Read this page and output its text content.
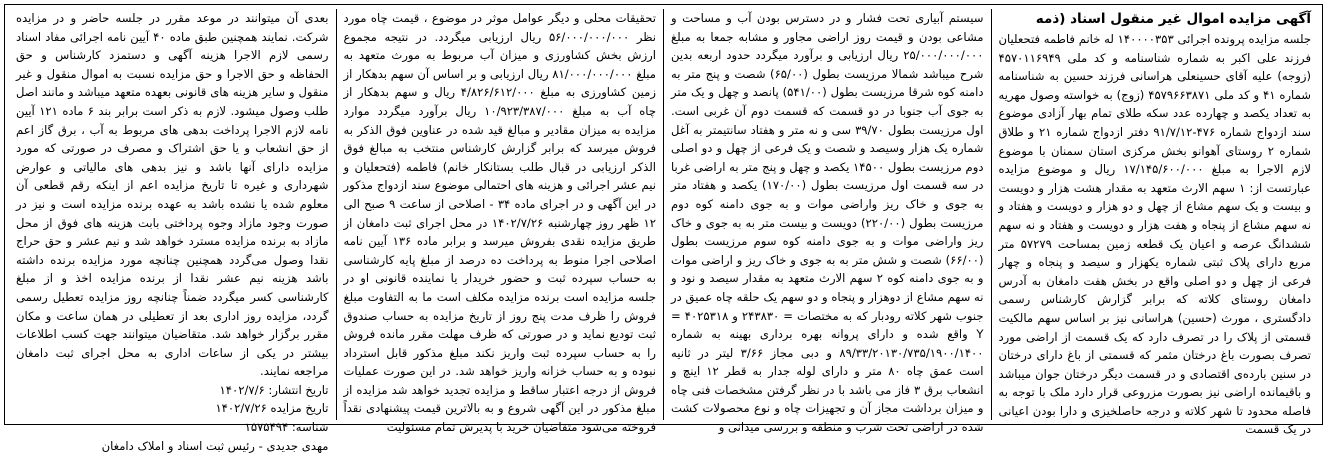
آگهی مزایده اموال غیر منقول اسناد (ذمه

جلسه مزایده پرونده اجرائی ۱۴۰۰۰۰۳۵۳ له خانم فاطمه فتحعلیان فرزند علی اکبر به شماره شناسنامه و کد ملی ۴۵۷۰۱۱۶۹۴۹ (زوجه) علیه آقای حسینعلی هراسانی فرزند حسین به شناسنامه شماره ۴۱ و کد ملی ۴۵۷۹۶۶۳۸۷۱ (زوج) به خواسته وصول مهریه به تعداد یکصد و چهارده عدد سکه طلای تمام بهار آزادی موضوع سند ازدواج شماره ۴۷۶-۹۱/۷/۱۲ دفتر ازدواج شماره ۲۱ و طلاق شماره ۲ روستای آهوانو بخش مرکزی استان سمنان با موضوع لازم الاجرا به مبلغ ۱۷/۱۴۵/۶۰۰/۰۰۰ ریال و موضوع مزایده عبارتست از: ۱ سهم الارث متعهد به مقدار هشت هزار و دویست و بیست و یک سهم مشاع از چهل و دو هزار و دویست و هفتاد و نه سهم مشاع از پنجاه و هفت هزار و دویست و هفتاد و نه سهم ششدانگ عرصه و اعیان یک قطعه زمین بمساحت ۵۷۲۷۹ متر مربع دارای پلاک ثبتی شماره یکهزار و سیصد و پنجاه و چهار فرعی از چهل و دو اصلی واقع در بخش هفت دامغان به آدرس دامغان روستای کلاته که برابر گزارش کارشناس رسمی دادگستری ، مورث (حسین) هراسانی نیز بر اساس سهم مالکیت قسمتی از پلاک را در تصرف دارد که یک قسمت از اراضی مورد تصرف بصورت باغ درختان مثمر که قسمتی از باغ دارای درختان در سنین بارده‌ی اقتصادی و در قسمت دیگر درختان جوان میباشد و باقیمانده اراضی نیز بصورت مزروعی قرار دارد ملک با توجه به فاصله محدود تا شهر کلاته و درجه حاصلخیزی و دارا بودن اعیانی در یک قسمت

سیستم آبیاری تحت فشار و در دسترس بودن آب و مساحت و مشاعی بودن و قیمت روز اراضی مجاور و مشابه جمعا به مبلغ ۲۵/۰۰۰/۰۰۰/۰۰۰ ریال ارزیابی و برآورد میگردد حدود اربعه بدین شرح میباشد شمالا مرزیست بطول (۶۵/۰۰) شصت و پنج متر به دامنه کوه شرقا مرزیست بطول (۵۴۱/۰۰) پانصد و چهل و یک متر به جوی آب جنوبا در دو قسمت که قسمت دوم آن غربی است. اول مرزیست بطول ۳۹/۷۰ سی و نه متر و هفتاد سانتیمتر به آغل شماره یک هزار وسیصد و شصت و یک فرعی از چهل و دو اصلی دوم مرزیست بطول ۱۴۵۰۰ یکصد و چهل و پنج متر به اراضی غربا در سه قسمت اول مرزیست بطول (۱۷۰/۰۰) یکصد و هفتاد متر به جوی و خاک ریز واراضی موات و به جوی دامنه کوه دوم مرزیست بطول (۲۲۰/۰۰) دویست و بیست متر به به جوی و خاک ریز واراضی موات و به جوی دامنه کوه سوم مرزیست بطول (۶۶/۰۰) شصت و شش متر به به جوی و خاک ریز و اراضی موات و به جوی دامنه کوه ۲ سهم الارث متعهد به مقدار سیصد و نود و نه سهم مشاع از دوهزار و پنجاه و دو سهم یک حلقه چاه عمیق در جنوب شهر کلاته رودبار که به مختصات = ۲۴۳۸۳۰ و ۴۰۲۵۳۱۸ = Y واقع شده و دارای پروانه بهره برداری بهینه به شماره ۸۹/۳۳/۲۰۱۳۰/۷۳۵/۱۹۰۰/۱۴۰۰ و دبی مجاز ۳/۶۶ لیتر در ثانیه است عمق چاه ۸۰ متر و دارای لوله جدار به قطر ۱۲ اینچ و انشعاب برق ۳ فاز می باشد با در نظر گرفتن مشخصات فنی چاه و میزان برداشت مجاز آن و تجهیزات چاه و نوع محصولات کشت شده در اراضی تحت شرب و منطقه و بررسی میدانی و

تحقیقات محلی و دیگر عوامل موثر در موضوع ، قیمت چاه مورد نظر ۵۶/۰۰۰/۰۰۰/۰۰۰ ریال ارزیابی میگردد. در نتیجه مجموع ارزش بخش کشاورزی و میزان آب مربوط به مورث متعهد به مبلغ ۸۱/۰۰۰/۰۰۰/۰۰۰ ریال ارزیابی و بر اساس آن سهم بدهکار از زمین کشاورزی به مبلغ ۴/۸۲۶/۶۱۲/۰۰۰ ریال و سهم بدهکار از چاه آب به مبلغ ۱۰/۹۲۳/۳۸۷/۰۰۰ ریال برآورد میگردد موارد مزایده به میزان مقادیر و مبالغ قید شده در عناوین فوق الذکر به فروش میرسد که برابر گزارش کارشناس منتخب به مبالغ فوق الذکر ارزیابی در قبال طلب بستانکار خانم) فاطمه (فتحعلیان و نیم عشر اجرائی و هزینه های احتمالی موضوع سند ازدواج مذکور در این آگهی و در اجرای ماده ۳۴ - اصلاحی از ساعت ۹ صبح الی ۱۲ ظهر روز چهارشنبه ۱۴۰۲/۷/۲۶ در محل اجرای ثبت دامغان از طریق مزایده نقدی بفروش میرسد و برابر ماده ۱۳۶ آیین نامه اصلاحی اجرا منوط به پرداخت ده درصد از مبلغ پایه کارشناسی به حساب سپرده ثبت و حضور خریدار یا نماینده قانونی او در جلسه مزایده است برنده مزایده مکلف است ما به التفاوت مبلغ فروش را ظرف مدت پنج روز از تاریخ مزایده به حساب صندوق ثبت تودیع نماید و در صورتی که ظرف مهلت مقرر مانده فروش را به حساب سپرده ثبت واریز نکند مبلغ مذکور قابل استرداد نبوده و به حساب خزانه واریز خواهد شد. در این صورت عملیات فروش از درجه اعتبار ساقط و مزایده تجدید خواهد شد مزایده از مبلغ مذکور در این آگهی شروع و به بالاترین قیمت پیشنهادی نقداً فروخته می‌شود متقاضیان خرید با پذیرش تمام مسئولیت

بعدی آن میتوانند در موعد مقرر در جلسه حاضر و در مزایده شرکت. نمایند همچنین طبق ماده ۴۰ آیین نامه اجرائی مفاد اسناد رسمی لازم الاجرا هزینه آگهی و دستمزد کارشناس و حق الحفاظه و حق الاجرا و حق مزایده نسبت به اموال منقول و غیر منقول و سایر هزینه های قانونی بعهده متعهد میباشد و مانند اصل طلب وصول میشود. لازم به ذکر است برابر بند ۶ ماده ۱۲۱ آیین نامه لازم الاجرا پرداخت بدهی های مربوط به آب ، برق گاز اعم از حق انشعاب و یا حق اشتراک و مصرف در صورتی که مورد مزایده دارای آنها باشد و نیز بدهی های مالیاتی و عوارض شهرداری و غیره تا تاریخ مزایده اعم از اینکه رقم قطعی آن معلوم شده یا نشده باشد به عهده برنده مزایده است و نیز در صورت وجود مازاد وجوه پرداختی بابت هزینه های فوق از محل مازاد به برنده مزایده مسترد خواهد شد و نیم عشر و حق حراج نقدا وصول می‌گردد همچنین چنانچه مورد مزایده برنده داشته باشد هزینه نیم عشر نقدا از برنده مزایده اخذ و از مبلغ کارشناسی کسر میگردد ضمناً چنانچه روز مزایده تعطیل رسمی گردد، مزایده روز اداری بعد از تعطیلی در همان ساعت و مکان مقرر برگزار خواهد شد. متقاضیان میتوانند جهت کسب اطلاعات بیشتر در یکی از ساعات اداری به محل اجرای ثبت دامغان مراجعه نمایند.

تاریخ انتشار: ۱۴۰۲/۷/۶

تاریخ مزایده ۱۴۰۲/۷/۲۶

شناسه: ۱۵۷۵۴۹۴

مهدی جدیدی - رئیس ثبت اسناد و املاک دامغان
